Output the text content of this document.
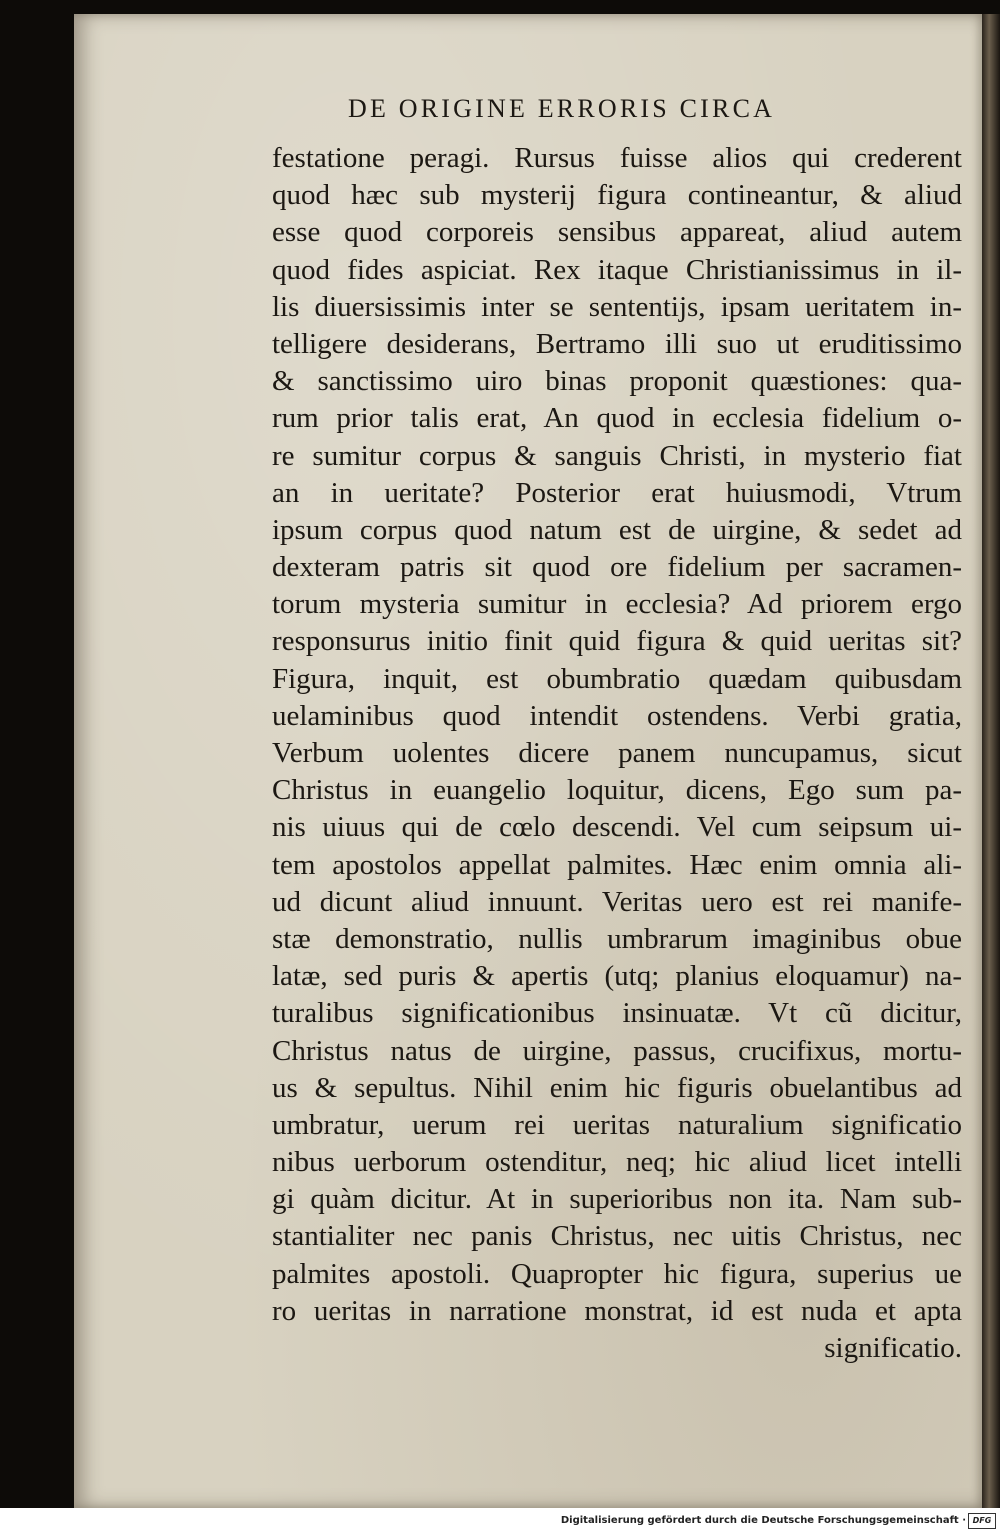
DE ORIGINE ERRORIS CIRCA
festatione peragi. Rursus fuisse alios qui crederent
quod hæc sub mysterij figura contineantur, & aliud
esse quod corporeis sensibus appareat, aliud autem
quod fides aspiciat. Rex itaque Christianissimus in il-
lis diuersissimis inter se sententijs, ipsam ueritatem in-
telligere desiderans, Bertramo illi suo ut eruditissimo
& sanctissimo uiro binas proponit quæstiones: qua-
rum prior talis erat, An quod in ecclesia fidelium o-
re sumitur corpus & sanguis Christi, in mysterio fiat
an in ueritate? Posterior erat huiusmodi, Vtrum
ipsum corpus quod natum est de uirgine, & sedet ad
dexteram patris sit quod ore fidelium per sacramen-
torum mysteria sumitur in ecclesia? Ad priorem ergo
responsurus initio finit quid figura & quid ueritas sit?
Figura, inquit, est obumbratio quædam quibusdam
uelaminibus quod intendit ostendens. Verbi gratia,
Verbum uolentes dicere panem nuncupamus, sicut
Christus in euangelio loquitur, dicens, Ego sum pa-
nis uiuus qui de cœlo descendi. Vel cum seipsum ui-
tem apostolos appellat palmites. Hæc enim omnia ali-
ud dicunt aliud innuunt. Veritas uero est rei manife-
stæ demonstratio, nullis umbrarum imaginibus obue
latæ, sed puris & apertis (utq; planius eloquamur) na-
turalibus significationibus insinuatæ. Vt cũ dicitur,
Christus natus de uirgine, passus, crucifixus, mortu-
us & sepultus. Nihil enim hic figuris obuelantibus ad
umbratur, uerum rei ueritas naturalium significatio
nibus uerborum ostenditur, neq; hic aliud licet intelli
gi quàm dicitur. At in superioribus non ita. Nam sub-
stantialiter nec panis Christus, nec uitis Christus, nec
palmites apostoli. Quapropter hic figura, superius ue
ro ueritas in narratione monstrat, id est nuda et apta
significatio.
Digitalisierung gefördert durch die Deutsche Forschungsgemeinschaft · DFG
